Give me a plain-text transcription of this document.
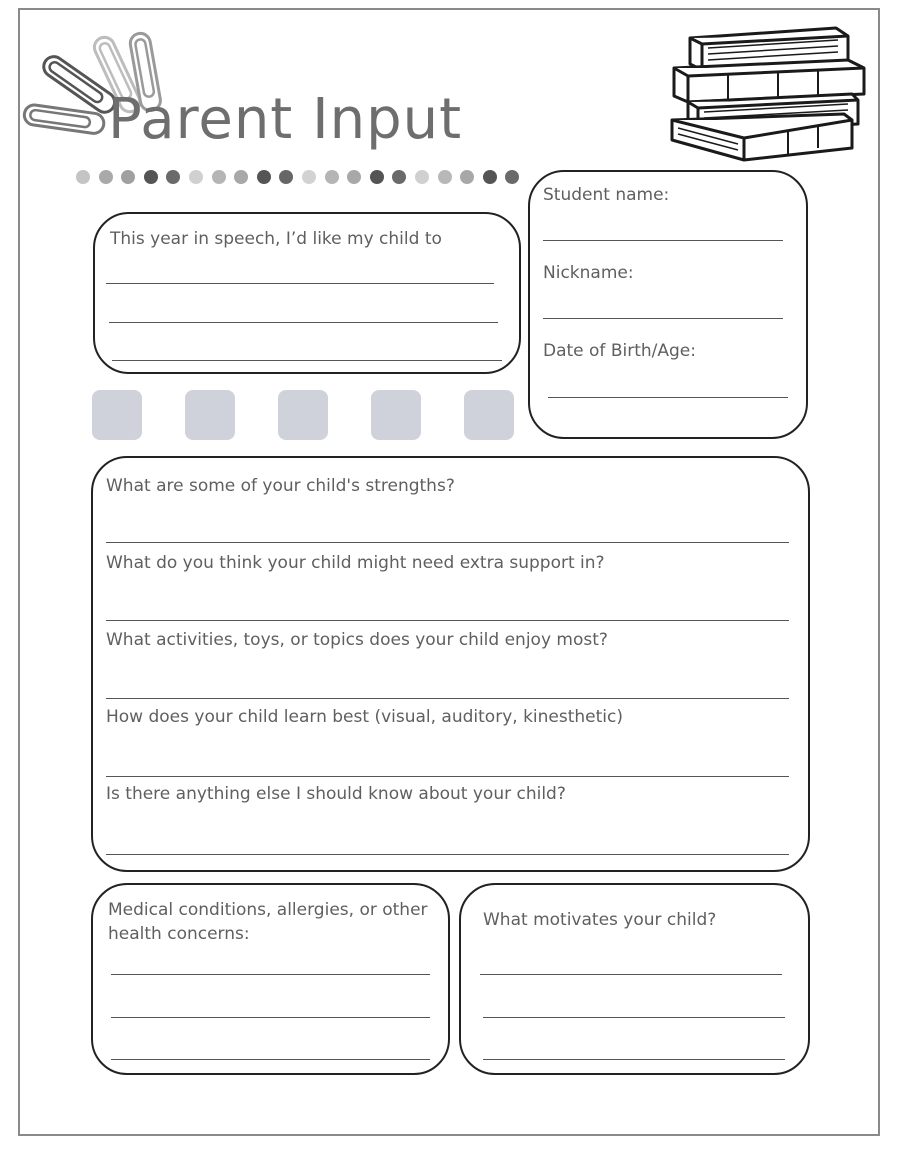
Parent Input
This year in speech, I’d like my child to
Student name:
Nickname:
Date of Birth/Age:
What are some of your child's strengths?
What do you think your child might need extra support in?
What activities, toys, or topics does your child enjoy most?
How does your child learn best (visual, auditory, kinesthetic)
Is there anything else I should know about your child?
Medical conditions, allergies, or other
health concerns:
What motivates your child?
